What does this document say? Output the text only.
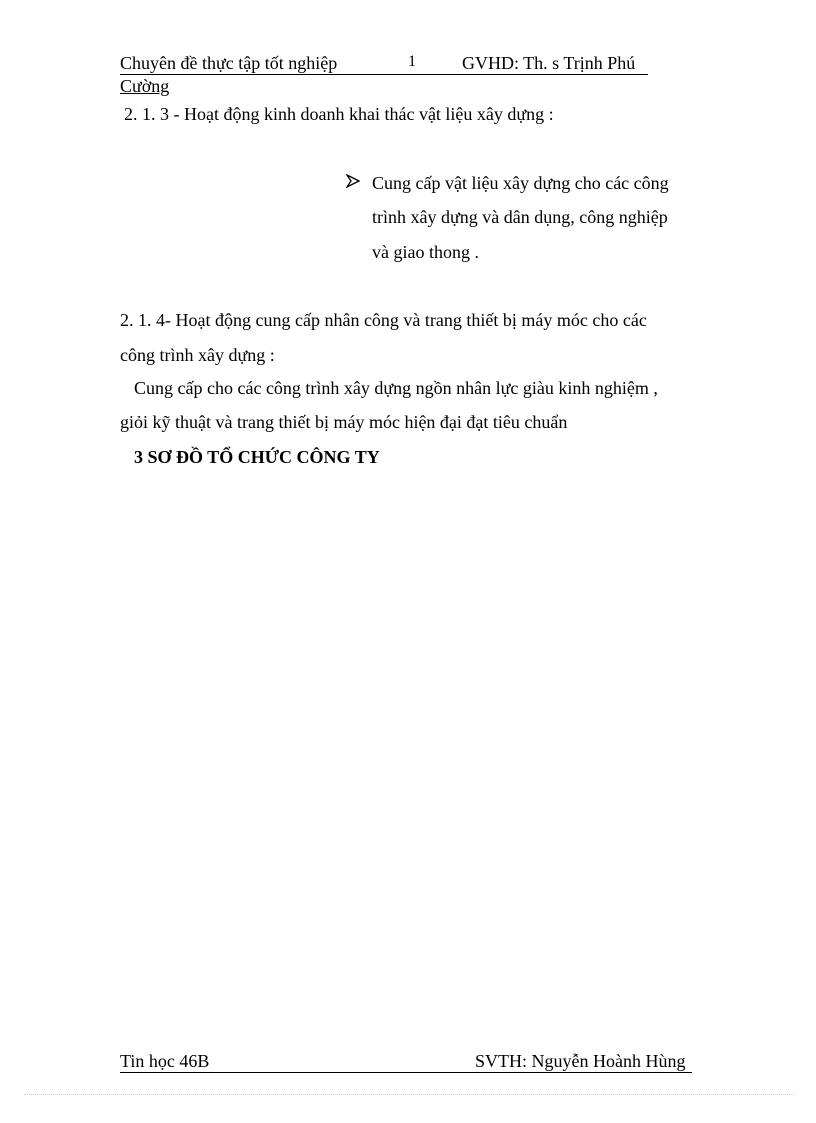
Chuyên đề thực tập tốt nghiệp	1	GVHD: Th. s Trịnh Phú
Cường
2. 1. 3 - Hoạt động kinh doanh khai thác vật liệu xây dựng :
Cung cấp vật liệu xây dựng cho các công
trình xây dựng và dân dụng, công nghiệp
và giao thong .
2. 1. 4- Hoạt động cung cấp nhân công và trang thiết bị máy móc cho các
công trình xây dựng :
Cung cấp cho các công trình xây dựng ngồn nhân lực giàu kinh nghiệm ,
giỏi kỹ thuật và trang thiết bị máy móc hiện đại đạt tiêu chuẩn
3 SƠ ĐỒ TỔ CHỨC CÔNG TY
Tin học 46B	SVTH: Nguyễn Hoành Hùng
